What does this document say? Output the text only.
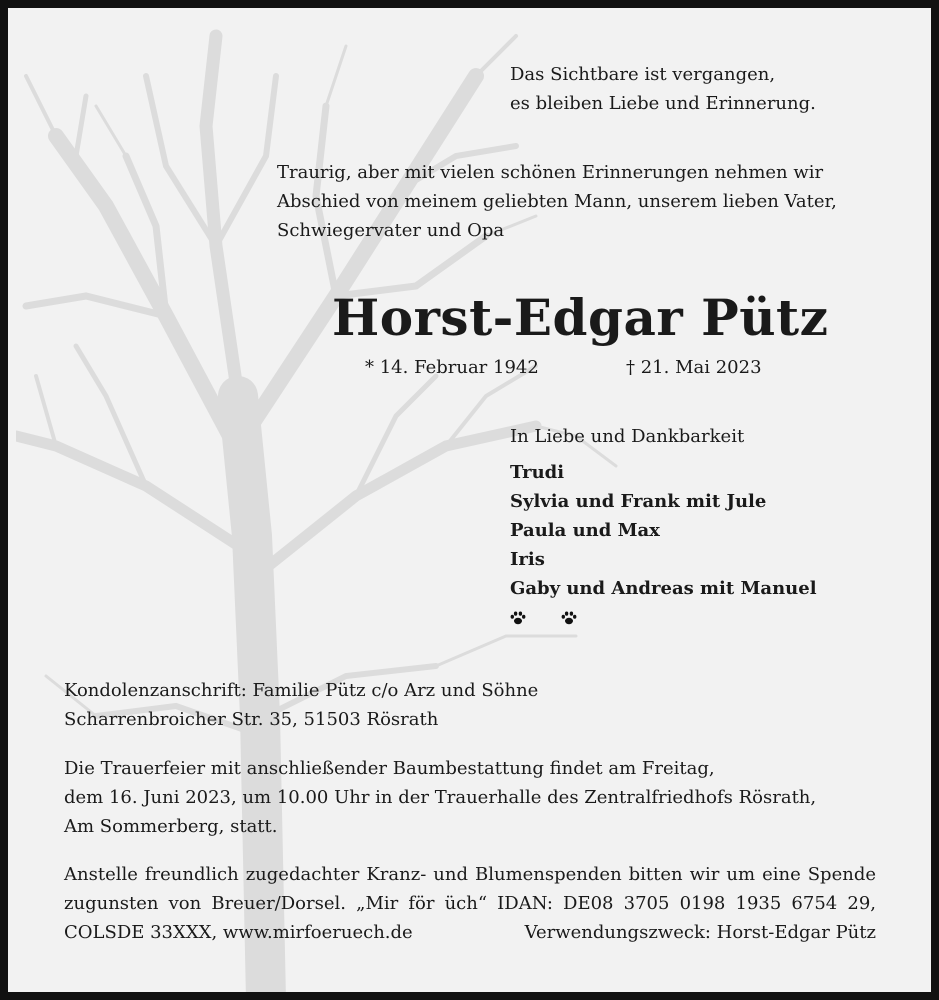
Das Sichtbare ist vergangen,
es bleiben Liebe und Erinnerung.
Traurig, aber mit vielen schönen Erinnerungen nehmen wir
Abschied von meinem geliebten Mann, unserem lieben Vater,
Schwiegervater und Opa
Horst-Edgar Pütz
* 14. Februar 1942	† 21. Mai 2023
In Liebe und Dankbarkeit
Trudi
Sylvia und Frank mit Jule
Paula und Max
Iris
Gaby und Andreas mit Manuel
Kondolenzanschrift: Familie Pütz c/o Arz und Söhne
Scharrenbroicher Str. 35, 51503 Rösrath
Die Trauerfeier mit anschließender Baumbestattung findet am Freitag,
dem 16. Juni 2023, um 10.00 Uhr in der Trauerhalle des Zentralfriedhofs Rösrath,
Am Sommerberg, statt.
Anstelle freundlich zugedachter Kranz- und Blumenspenden bitten wir um eine Spende
zugunsten von Breuer/Dorsel. „Mir för üch“ IDAN: DE08 3705 0198 1935 6754 29,
COLSDE 33XXX, www.mirfoeruech.de	Verwendungszweck: Horst-Edgar Pütz
